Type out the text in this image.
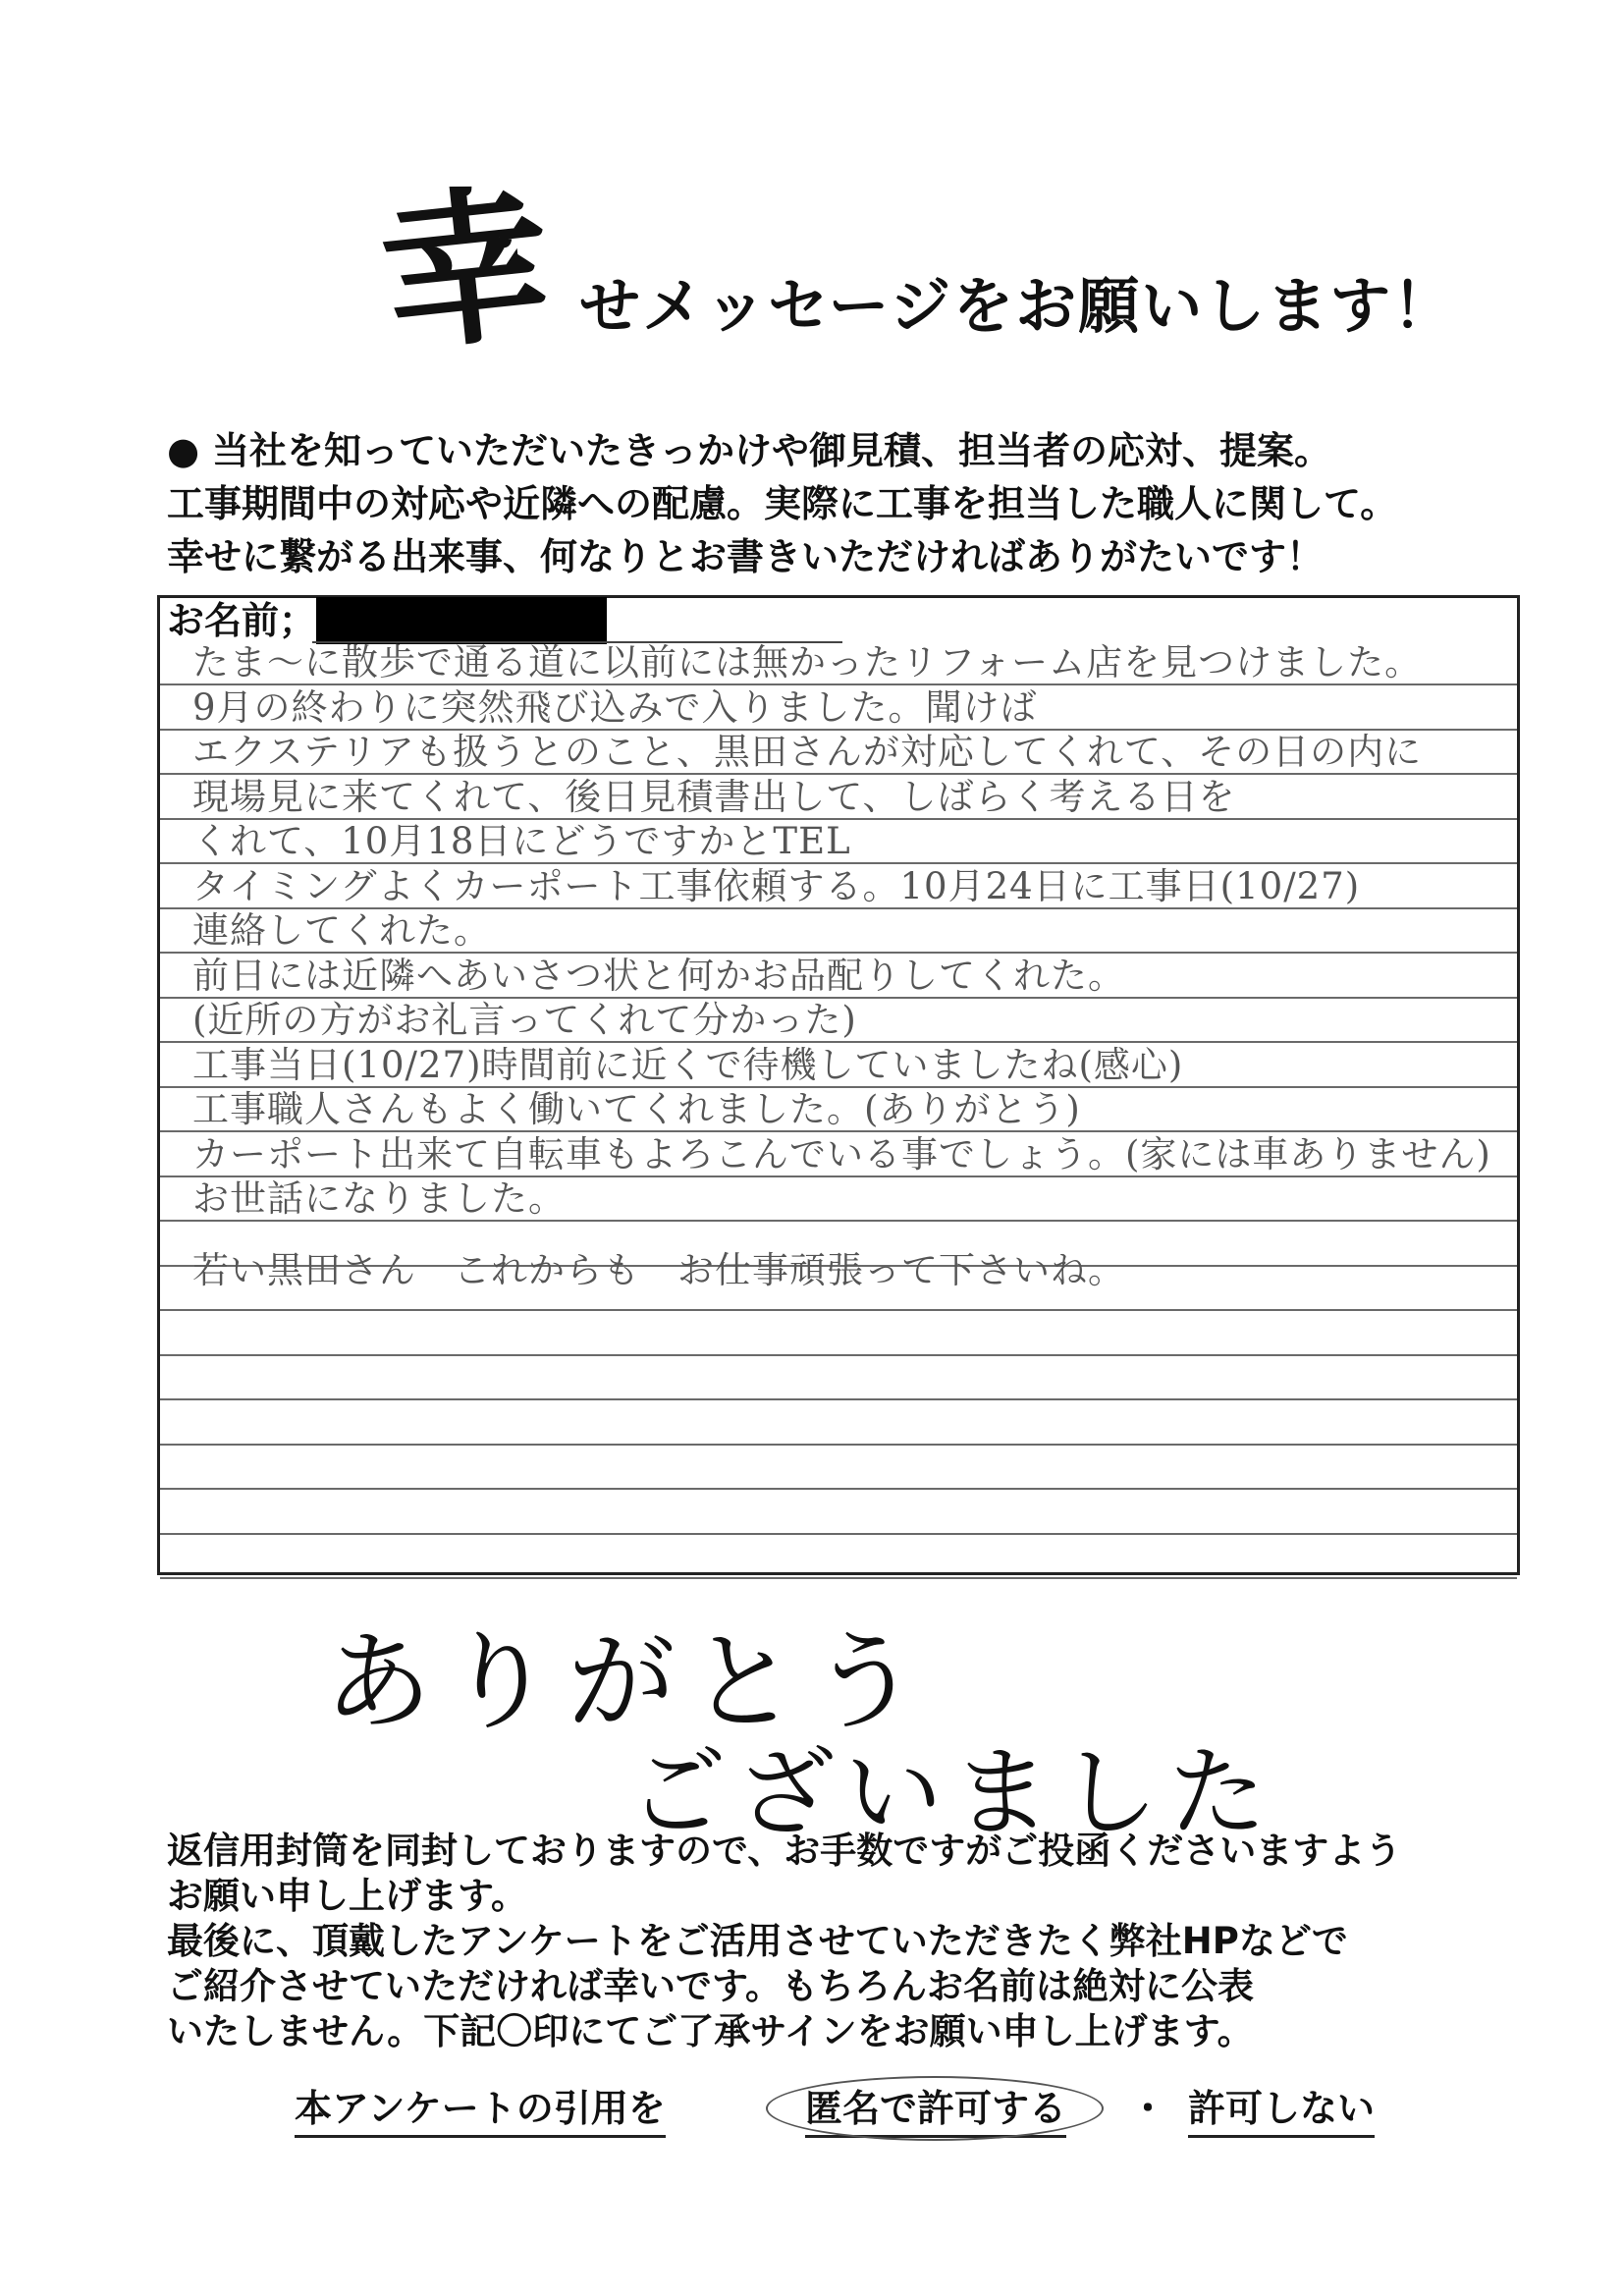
幸 せメッセージをお願いします！
● 当社を知っていただいたきっかけや御見積、担当者の応対、提案。
工事期間中の対応や近隣への配慮。実際に工事を担当した職人に関して。
幸せに繋がる出来事、何なりとお書きいただければありがたいです！
お名前；
たま～に散歩で通る道に以前には無かったリフォーム店を見つけました。
9月の終わりに突然飛び込みで入りました。聞けば
エクステリアも扱うとのこと、黒田さんが対応してくれて、その日の内に
現場見に来てくれて、後日見積書出して、しばらく考える日を
くれて、10月18日にどうですかとTEL
タイミングよくカーポート工事依頼する。10月24日に工事日(10/27)
連絡してくれた。
前日には近隣へあいさつ状と何かお品配りしてくれた。
(近所の方がお礼言ってくれて分かった)
工事当日(10/27)時間前に近くで待機していましたね(感心)
工事職人さんもよく働いてくれました。(ありがとう)
カーポート出来て自転車もよろこんでいる事でしょう。(家には車ありません)
お世話になりました。
若い黒田さん　これからも　お仕事頑張って下さいね。
ありがとう
ございました
返信用封筒を同封しておりますので、お手数ですがご投函くださいますよう
お願い申し上げます。
最後に、頂戴したアンケートをご活用させていただきたく弊社HPなどで
ご紹介させていただければ幸いです。もちろんお名前は絶対に公表
いたしません。下記〇印にてご了承サインをお願い申し上げます。
本アンケートの引用を	匿名で許可する ・ 許可しない
